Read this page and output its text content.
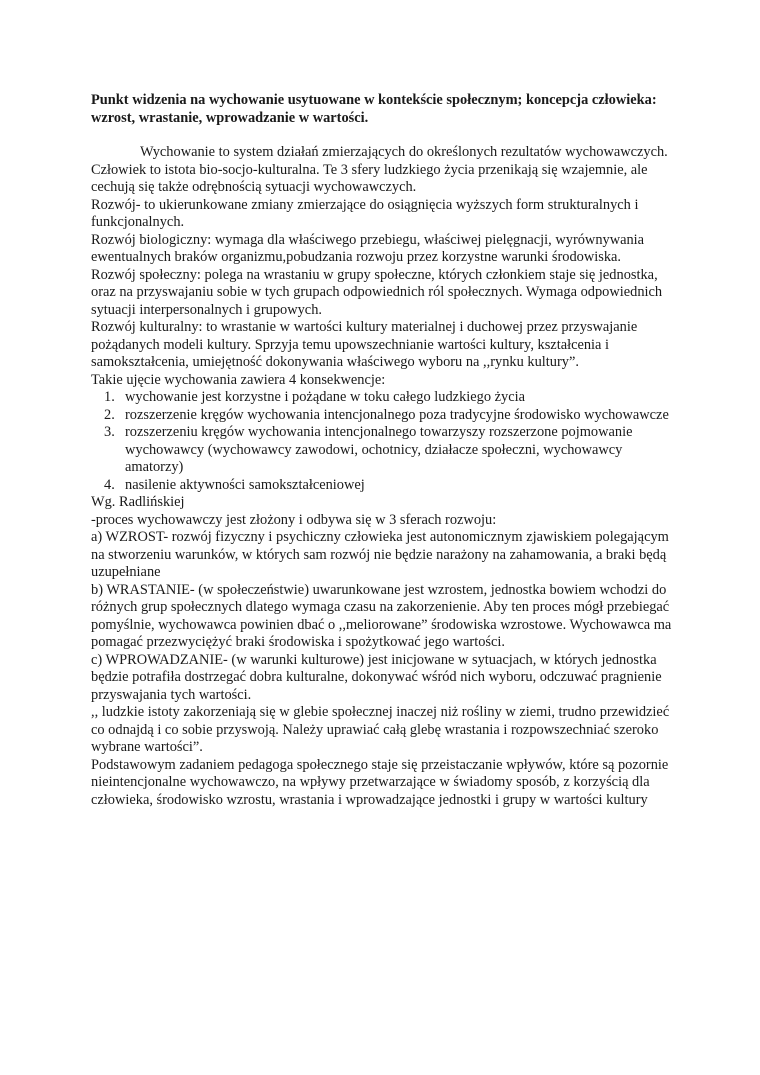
Punkt widzenia na wychowanie usytuowane w kontekście społecznym; koncepcja człowieka: wzrost, wrastanie, wprowadzanie w wartości.

Wychowanie to system działań zmierzających do określonych rezultatów wychowawczych. Człowiek to istota bio-socjo-kulturalna. Te 3 sfery ludzkiego życia przenikają się wzajemnie, ale cechują się także odrębnością sytuacji wychowawczych.

Rozwój- to ukierunkowane zmiany zmierzające do osiągnięcia wyższych form strukturalnych i funkcjonalnych.

Rozwój biologiczny: wymaga dla właściwego przebiegu, właściwej pielęgnacji, wyrównywania ewentualnych braków organizmu,pobudzania rozwoju przez korzystne warunki środowiska.

Rozwój społeczny: polega na wrastaniu w grupy społeczne, których członkiem staje się jednostka, oraz na przyswajaniu sobie w tych grupach odpowiednich ról społecznych. Wymaga odpowiednich sytuacji interpersonalnych i grupowych.

Rozwój kulturalny: to wrastanie w wartości kultury materialnej i duchowej przez przyswajanie pożądanych modeli kultury. Sprzyja temu upowszechnianie wartości kultury, kształcenia i samokształcenia, umiejętność dokonywania właściwego wyboru na ,,rynku kultury”.

Takie ujęcie wychowania zawiera 4 konsekwencje:

1. wychowanie jest korzystne i pożądane w toku całego ludzkiego życia
2. rozszerzenie kręgów wychowania intencjonalnego poza tradycyjne środowisko wychowawcze
3. rozszerzeniu kręgów wychowania intencjonalnego towarzyszy rozszerzone pojmowanie wychowawcy (wychowawcy zawodowi, ochotnicy, działacze społeczni, wychowawcy amatorzy)
4. nasilenie aktywności samokształceniowej

Wg. Radlińskiej

-proces wychowawczy jest złożony i odbywa się w 3 sferach rozwoju:

a) WZROST- rozwój fizyczny i psychiczny człowieka jest autonomicznym zjawiskiem polegającym na stworzeniu warunków, w których sam rozwój nie będzie narażony na zahamowania, a braki będą uzupełniane

b) WRASTANIE- (w społeczeństwie) uwarunkowane jest wzrostem, jednostka bowiem wchodzi do różnych grup społecznych dlatego wymaga czasu na zakorzenienie. Aby ten proces mógł przebiegać pomyślnie, wychowawca powinien dbać o ,,meliorowane” środowiska wzrostowe. Wychowawca ma pomagać przezwyciężyć braki środowiska i spożytkować jego wartości.

c) WPROWADZANIE- (w warunki kulturowe) jest inicjowane w sytuacjach, w których jednostka będzie potrafiła dostrzegać dobra kulturalne, dokonywać wśród nich wyboru, odczuwać pragnienie przyswajania tych wartości.

,, ludzkie istoty zakorzeniają się w glebie społecznej inaczej niż rośliny w ziemi, trudno przewidzieć co odnajdą i co sobie przyswoją. Należy uprawiać całą glebę wrastania i rozpowszechniać szeroko wybrane wartości”.

Podstawowym zadaniem pedagoga społecznego staje się przeistaczanie wpływów, które są pozornie nieintencjonalne wychowawczo, na wpływy przetwarzające w świadomy sposób, z korzyścią dla człowieka, środowisko wzrostu, wrastania i wprowadzające jednostki i grupy w wartości kultury
